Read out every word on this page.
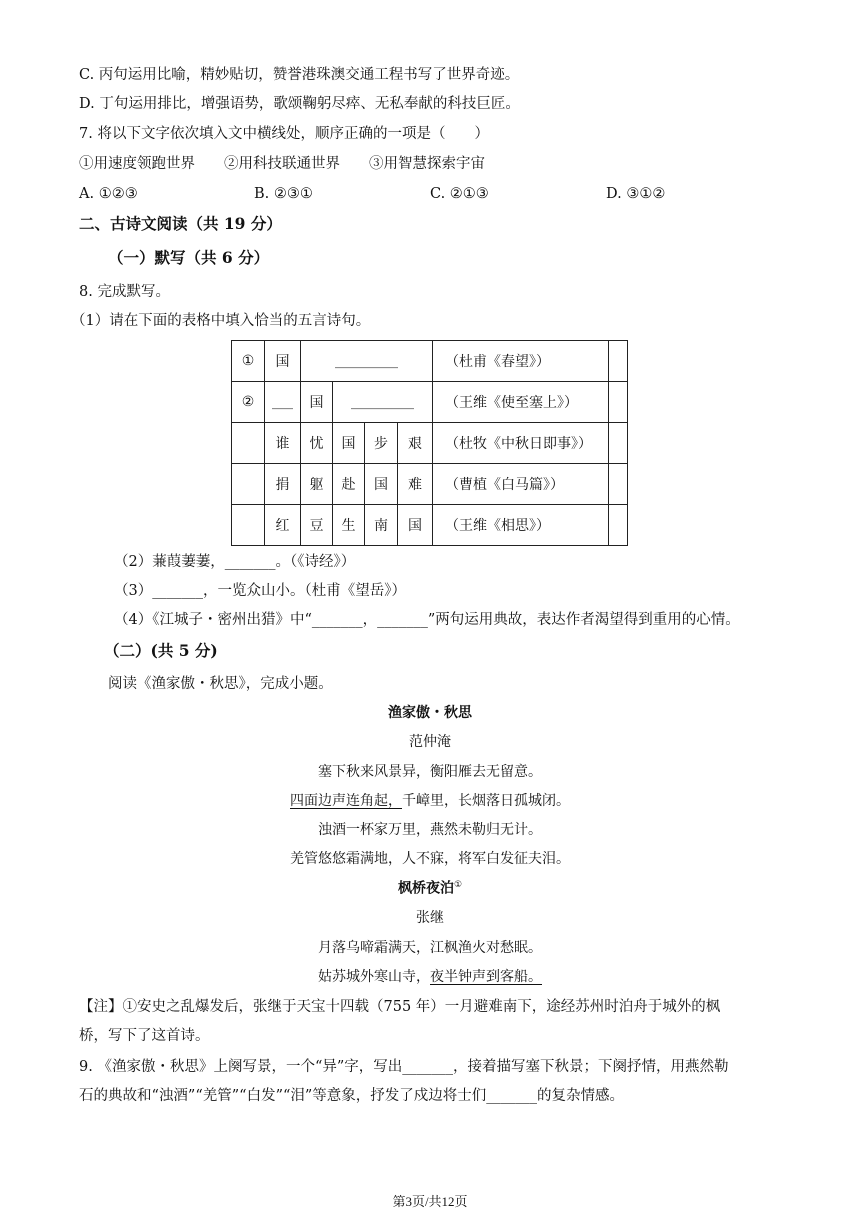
C. 丙句运用比喻，精妙贴切，赞誉港珠澳交通工程书写了世界奇迹。
D. 丁句运用排比，增强语势，歌颂鞠躬尽瘁、无私奉献的科技巨匠。
7. 将以下文字依次填入文中横线处，顺序正确的一项是（　　）
①用速度领跑世界　　②用科技联通世界　　③用智慧探索宇宙
A. ①②③	B. ②③①	C. ②①③	D. ③①②
二、古诗文阅读（共 19 分）
（一）默写（共 6 分）
8. 完成默写。
（1）请在下面的表格中填入恰当的五言诗句。
①	国	_________				（杜甫《春望》）	
②	___	国	_________			（王维《使至塞上》）	
	谁	忧	国	步	艰	（杜牧《中秋日即事》）	
	捐	躯	赴	国	难	（曹植《白马篇》）	
	红	豆	生	南	国	（王维《相思》）	
（2）蒹葭萋萋，_______。（《诗经》）
（3）_______，一览众山小。（杜甫《望岳》）
（4）《江城子・密州出猎》中“_______，_______”两句运用典故，表达作者渴望得到重用的心情。
（二）(共 5 分)
阅读《渔家傲・秋思》，完成小题。
渔家傲・秋思
范仲淹
塞下秋来风景异，衡阳雁去无留意。
四面边声连角起，千嶂里，长烟落日孤城闭。
浊酒一杯家万里，燕然未勒归无计。
羌管悠悠霜满地，人不寐，将军白发征夫泪。
枫桥夜泊①
张继
月落乌啼霜满天，江枫渔火对愁眠。
姑苏城外寒山寺，夜半钟声到客船。
【注】①安史之乱爆发后，张继于天宝十四载（755 年）一月避难南下，途经苏州时泊舟于城外的枫
桥，写下了这首诗。
9. 《渔家傲・秋思》上阕写景，一个“异”字，写出_______，接着描写塞下秋景；下阕抒情，用燕然勒
石的典故和“浊酒”“羌管”“白发”“泪”等意象，抒发了戍边将士们_______的复杂情感。
第3页/共12页
